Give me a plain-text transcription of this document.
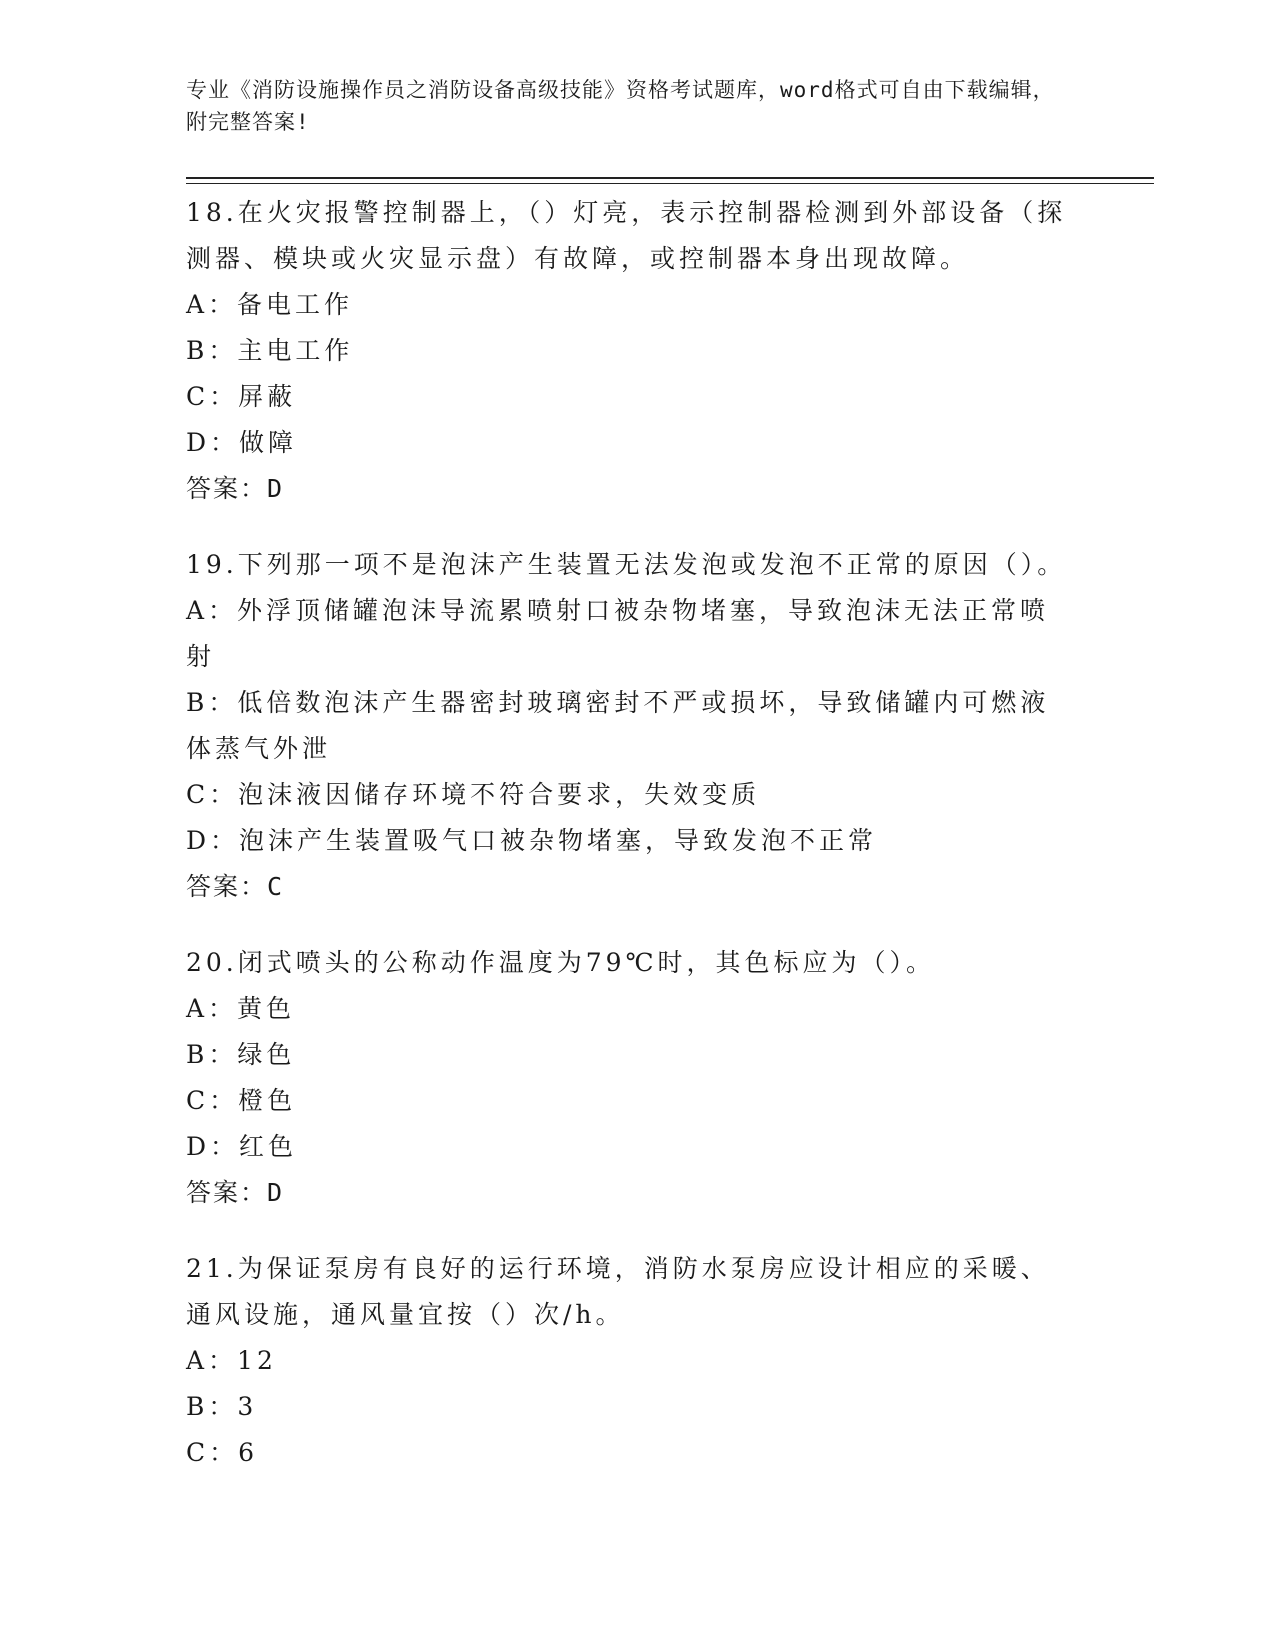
专业《消防设施操作员之消防设备高级技能》资格考试题库，word格式可自由下载编辑，附完整答案!
18.在火灾报警控制器上，（）灯亮，表示控制器检测到外部设备（探测器、模块或火灾显示盘）有故障，或控制器本身出现故障。
A：备电工作
B：主电工作
C：屏蔽
D：做障
答案：D
19.下列那一项不是泡沫产生装置无法发泡或发泡不正常的原因（）。
A：外浮顶储罐泡沫导流累喷射口被杂物堵塞，导致泡沫无法正常喷射
B：低倍数泡沫产生器密封玻璃密封不严或损坏，导致储罐内可燃液体蒸气外泄
C：泡沫液因储存环境不符合要求，失效变质
D：泡沫产生装置吸气口被杂物堵塞，导致发泡不正常
答案：C
20.闭式喷头的公称动作温度为79℃时，其色标应为（）。
A：黄色
B：绿色
C：橙色
D：红色
答案：D
21.为保证泵房有良好的运行环境，消防水泵房应设计相应的采暖、通风设施，通风量宜按（）次/h。
A：12
B：3
C：6
